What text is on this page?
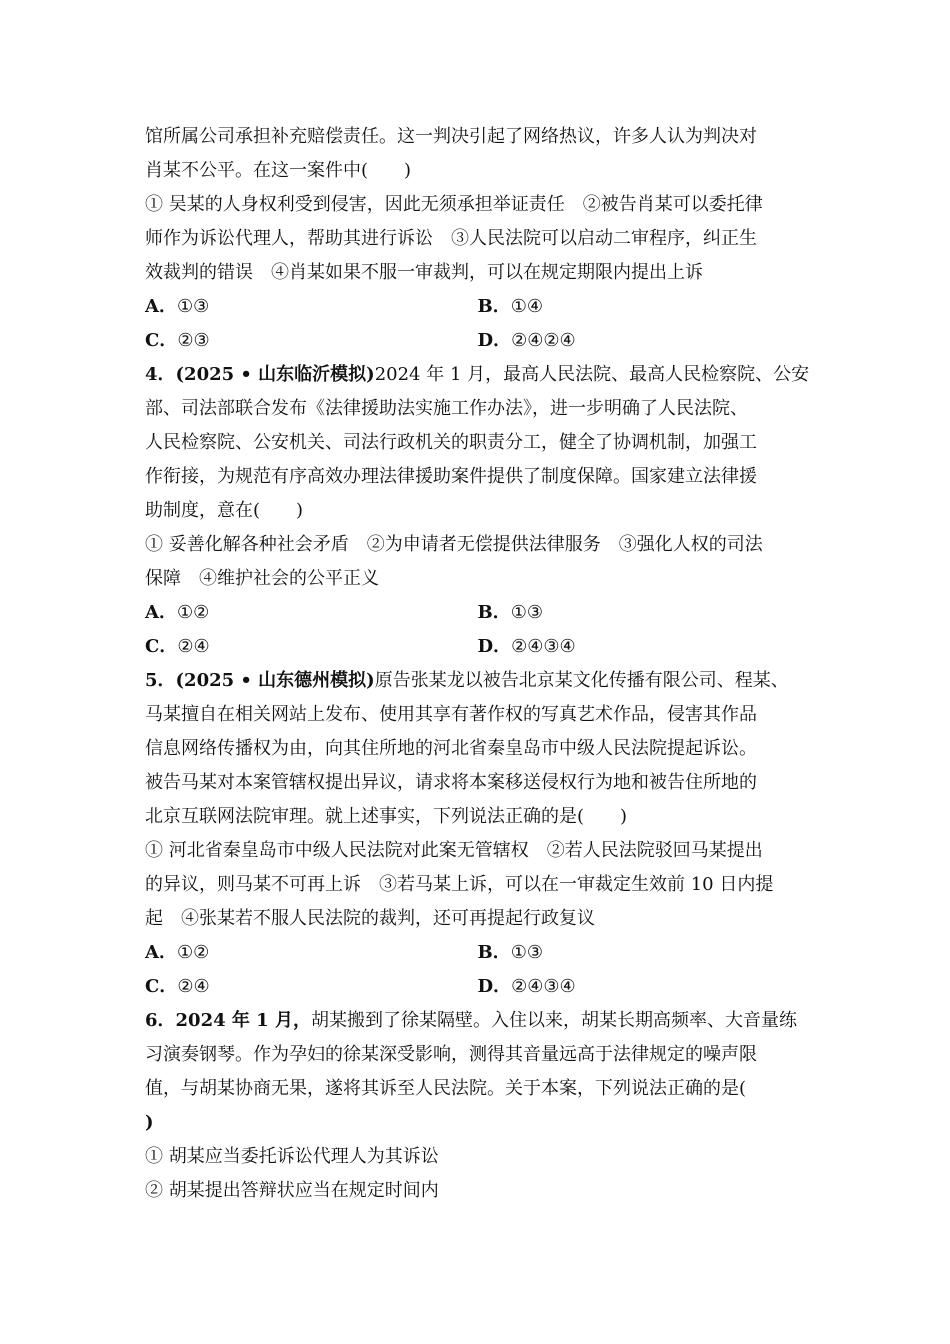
馆所属公司承担补充赔偿责任。这一判决引起了网络热议，许多人认为判决对
肖某不公平。在这一案件中(　　)
① 吴某的人身权利受到侵害，因此无须承担举证责任　②被告肖某可以委托律
师作为诉讼代理人，帮助其进行诉讼　③人民法院可以启动二审程序，纠正生
效裁判的错误　④肖某如果不服一审裁判，可以在规定期限内提出上诉
A．①③	B．①④
C．②③	D．②④②④
4．(2025 • 山东临沂模拟)2024 年 1 月，最高人民法院、最高人民检察院、公安
部、司法部联合发布《法律援助法实施工作办法》，进一步明确了人民法院、
人民检察院、公安机关、司法行政机关的职责分工，健全了协调机制，加强工
作衔接，为规范有序高效办理法律援助案件提供了制度保障。国家建立法律援
助制度，意在(　　)
① 妥善化解各种社会矛盾　②为申请者无偿提供法律服务　③强化人权的司法
保障　④维护社会的公平正义
A．①②	B．①③
C．②④	D．②④③④
5．(2025 • 山东德州模拟)原告张某龙以被告北京某文化传播有限公司、程某、
马某擅自在相关网站上发布、使用其享有著作权的写真艺术作品，侵害其作品
信息网络传播权为由，向其住所地的河北省秦皇岛市中级人民法院提起诉讼。
被告马某对本案管辖权提出异议，请求将本案移送侵权行为地和被告住所地的
北京互联网法院审理。就上述事实，下列说法正确的是(　　)
① 河北省秦皇岛市中级人民法院对此案无管辖权　②若人民法院驳回马某提出
的异议，则马某不可再上诉　③若马某上诉，可以在一审裁定生效前 10 日内提
起　④张某若不服人民法院的裁判，还可再提起行政复议
A．①②	B．①③
C．②④	D．②④③④
6．2024 年 1 月，胡某搬到了徐某隔壁。入住以来，胡某长期高频率、大音量练
习演奏钢琴。作为孕妇的徐某深受影响，测得其音量远高于法律规定的噪声限
值，与胡某协商无果，遂将其诉至人民法院。关于本案，下列说法正确的是(
)
① 胡某应当委托诉讼代理人为其诉讼
② 胡某提出答辩状应当在规定时间内
